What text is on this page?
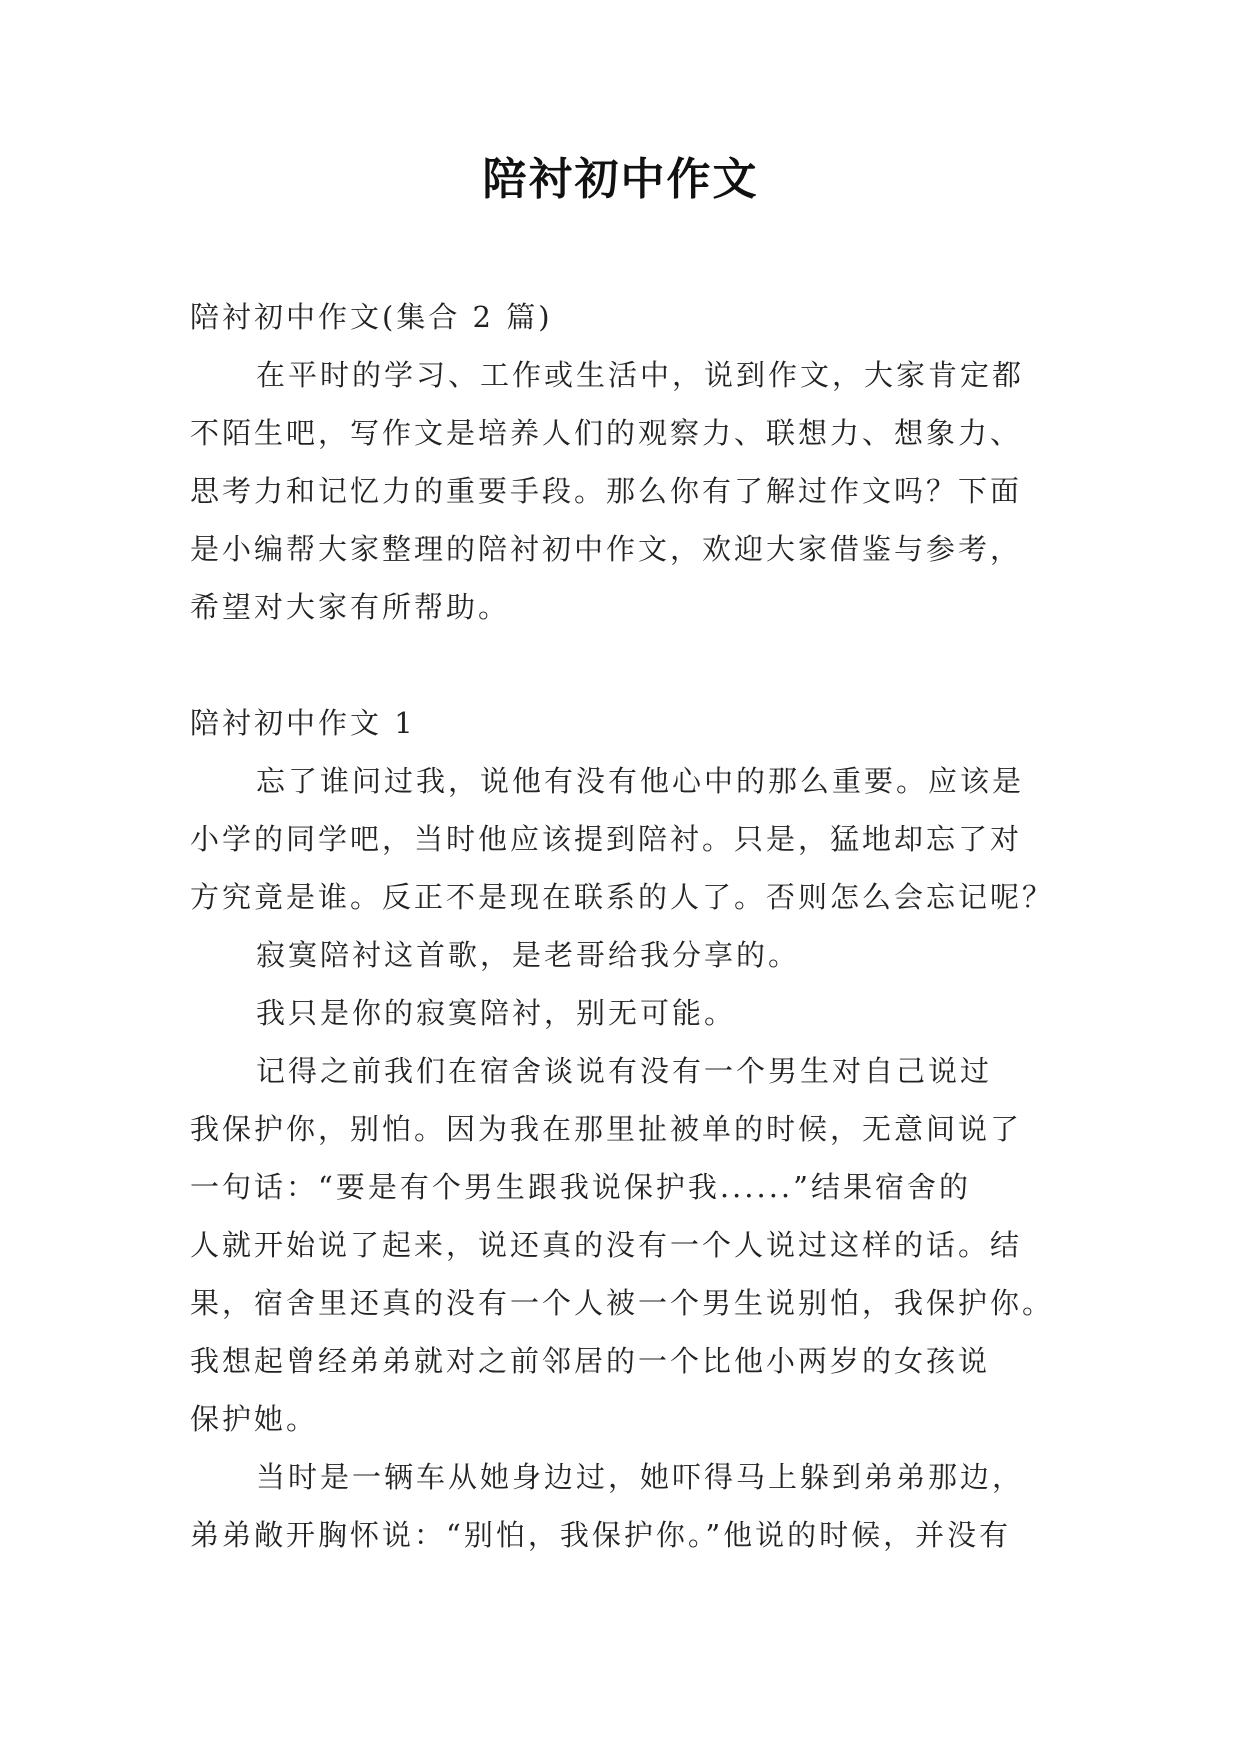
陪衬初中作文
陪衬初中作文(集合 2 篇)
在平时的学习、工作或生活中，说到作文，大家肯定都
不陌生吧，写作文是培养人们的观察力、联想力、想象力、
思考力和记忆力的重要手段。那么你有了解过作文吗？下面
是小编帮大家整理的陪衬初中作文，欢迎大家借鉴与参考，
希望对大家有所帮助。
陪衬初中作文 1
忘了谁问过我，说他有没有他心中的那么重要。应该是
小学的同学吧，当时他应该提到陪衬。只是，猛地却忘了对
方究竟是谁。反正不是现在联系的人了。否则怎么会忘记呢？
寂寞陪衬这首歌，是老哥给我分享的。
我只是你的寂寞陪衬，别无可能。
记得之前我们在宿舍谈说有没有一个男生对自己说过
我保护你，别怕。因为我在那里扯被单的时候，无意间说了
一句话：“要是有个男生跟我说保护我......”结果宿舍的
人就开始说了起来，说还真的没有一个人说过这样的话。结
果，宿舍里还真的没有一个人被一个男生说别怕，我保护你。
我想起曾经弟弟就对之前邻居的一个比他小两岁的女孩说
保护她。
当时是一辆车从她身边过，她吓得马上躲到弟弟那边，
弟弟敞开胸怀说：“别怕，我保护你。”他说的时候，并没有
